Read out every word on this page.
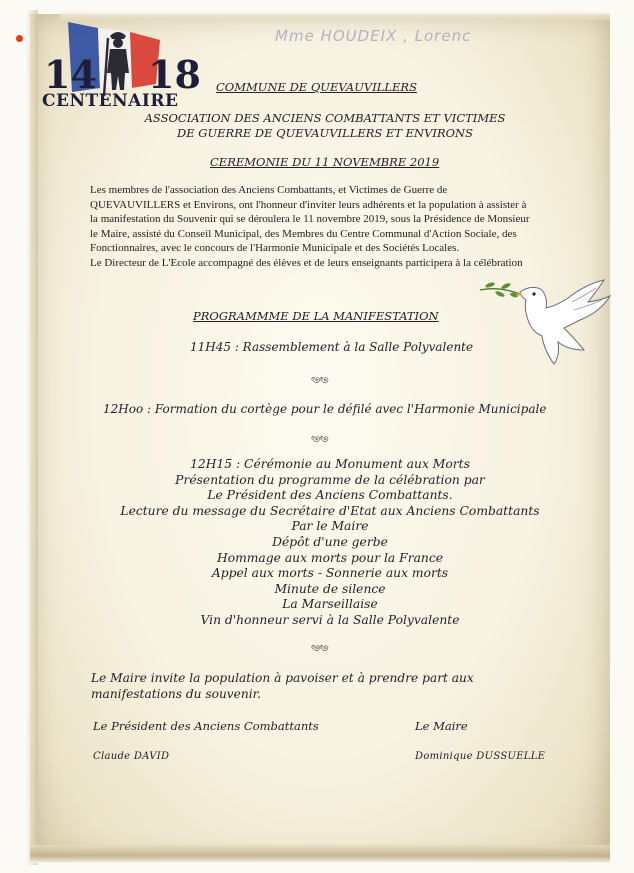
Mme HOUDEIX , Lorenc
14 18
CENTENAIRE
COMMUNE DE QUEVAUVILLERS
ASSOCIATION DES ANCIENS COMBATTANTS ET VICTIMES
DE GUERRE DE QUEVAUVILLERS ET ENVIRONS
CEREMONIE DU 11 NOVEMBRE 2019

Les membres de l'association des Anciens Combattants, et Victimes de Guerre de QUEVAUVILLERS et Environs, ont l'honneur d'inviter leurs adhérents et la population à assister à la manifestation du Souvenir qui se déroulera le 11 novembre 2019, sous la Présidence de Monsieur le Maire, assisté du Conseil Municipal, des Membres du Centre Communal d'Action Sociale, des Fonctionnaires, avec le concours de l'Harmonie Municipale et des Sociétés Locales.

Le Directeur de L'Ecole accompagné des élèves et de leurs enseignants participera à la célébration

PROGRAMMME DE LA MANIFESTATION
11H45 : Rassemblement à la Salle Polyvalente
ৎ୭ৎ୭
12Hoo : Formation du cortège pour le défilé avec l'Harmonie Municipale
ৎ୭ৎ୭
12H15 : Cérémonie au Monument aux Morts
Présentation du programme de la célébration par
Le Président des Anciens Combattants.
Lecture du message du Secrétaire d'Etat aux Anciens Combattants
Par le Maire
Dépôt d'une gerbe
Hommage aux morts pour la France
Appel aux morts - Sonnerie aux morts
Minute de silence
La Marseillaise
Vin d'honneur servi à la Salle Polyvalente
ৎ୭ৎ୭
Le Maire invite la population à pavoiser et à prendre part aux manifestations du souvenir.
Le Président des Anciens Combattants	Le Maire
Claude DAVID	Dominique DUSSUELLE
